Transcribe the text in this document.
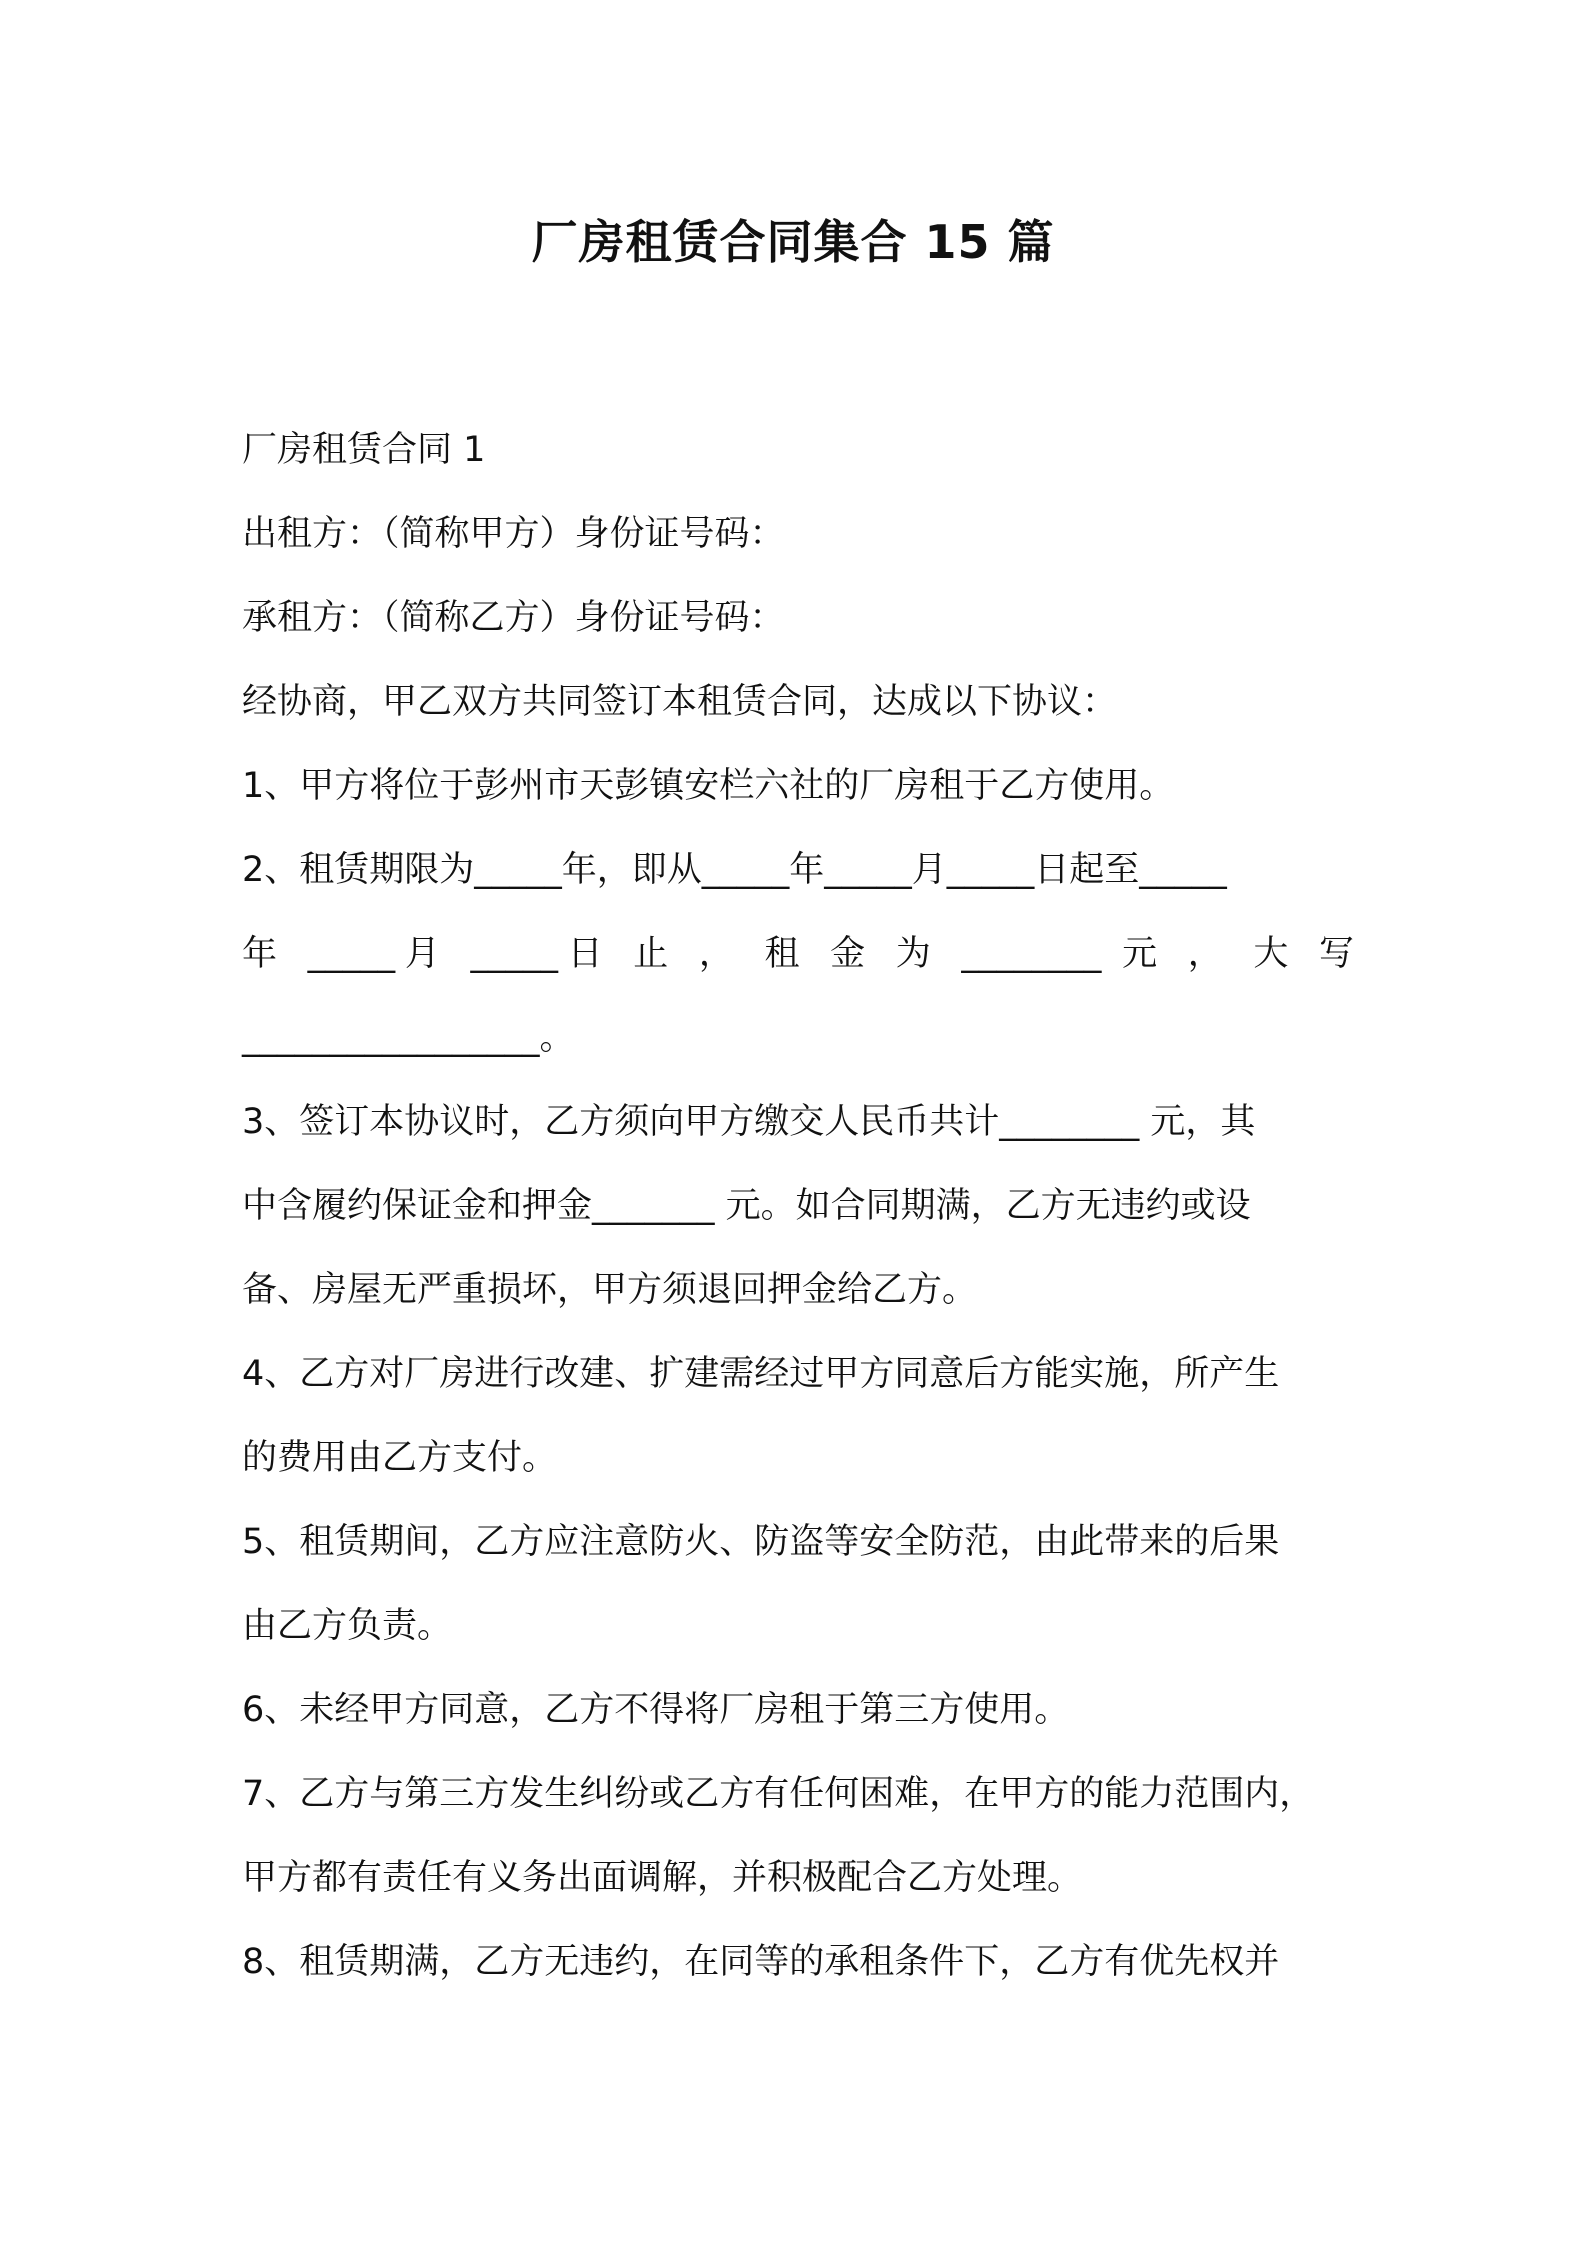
厂房租赁合同集合 15 篇

厂房租赁合同 1

出租方：（简称甲方）身份证号码：

承租方：（简称乙方）身份证号码：

经协商，甲乙双方共同签订本租赁合同，达成以下协议：

1、甲方将位于彭州市天彭镇安栏六社的厂房租于乙方使用。

2、租赁期限为_____年，即从_____年_____月_____日起至_____

年 _____月 _____日 止 ， 租 金 为 ________ 元 ， 大 写

_________________。

3、签订本协议时，乙方须向甲方缴交人民币共计________ 元，其

中含履约保证金和押金_______ 元。如合同期满，乙方无违约或设

备、房屋无严重损坏，甲方须退回押金给乙方。

4、乙方对厂房进行改建、扩建需经过甲方同意后方能实施，所产生

的费用由乙方支付。

5、租赁期间，乙方应注意防火、防盗等安全防范，由此带来的后果

由乙方负责。

6、未经甲方同意，乙方不得将厂房租于第三方使用。

7、乙方与第三方发生纠纷或乙方有任何困难，在甲方的能力范围内，

甲方都有责任有义务出面调解，并积极配合乙方处理。

8、租赁期满，乙方无违约，在同等的承租条件下，乙方有优先权并
